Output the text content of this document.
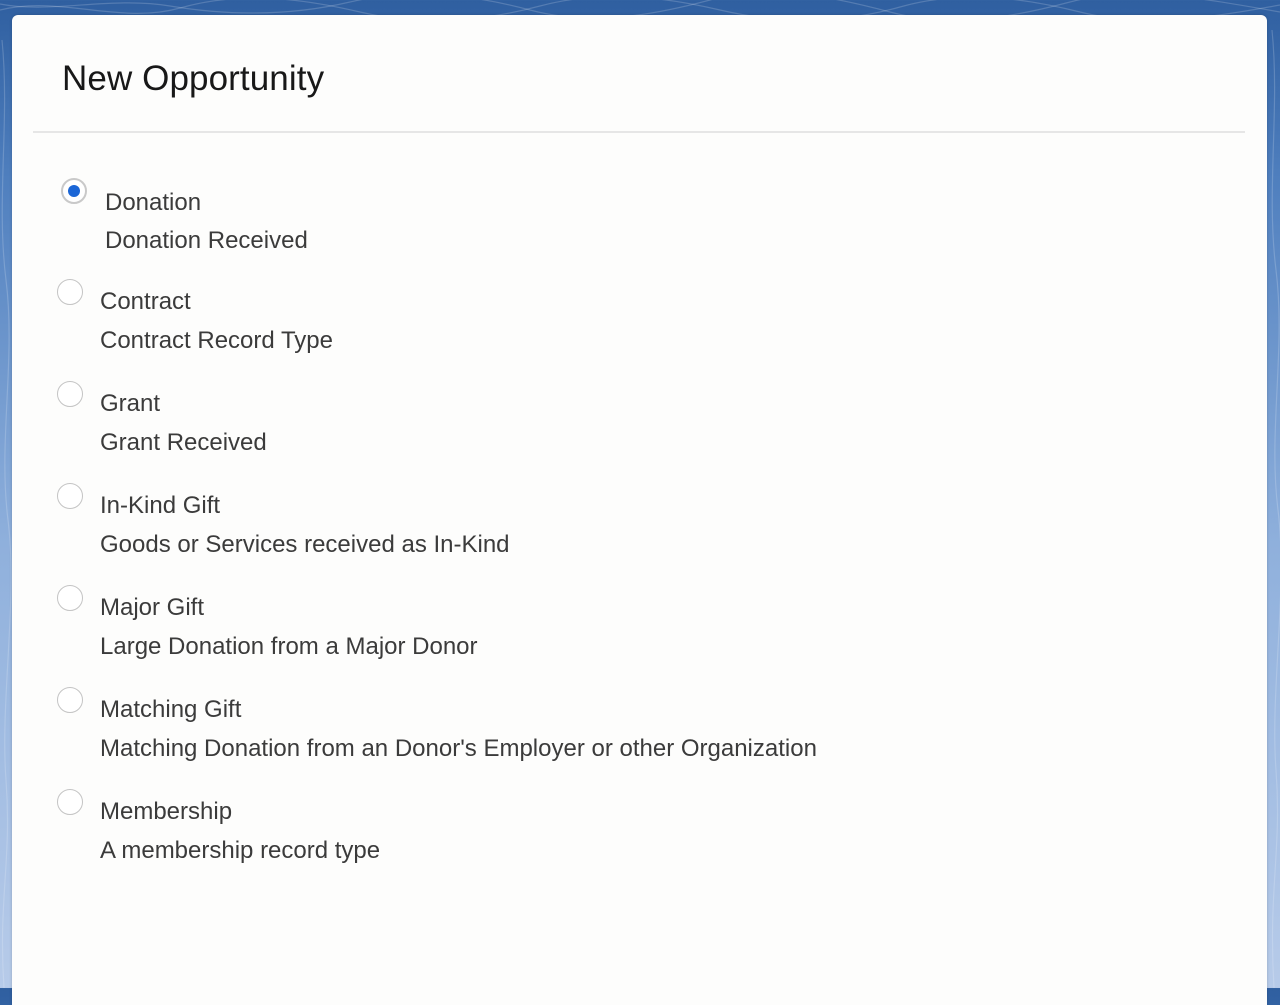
New Opportunity
Donation
Donation Received
Contract
Contract Record Type
Grant
Grant Received
In-Kind Gift
Goods or Services received as In-Kind
Major Gift
Large Donation from a Major Donor
Matching Gift
Matching Donation from an Donor's Employer or other Organization
Membership
A membership record type
